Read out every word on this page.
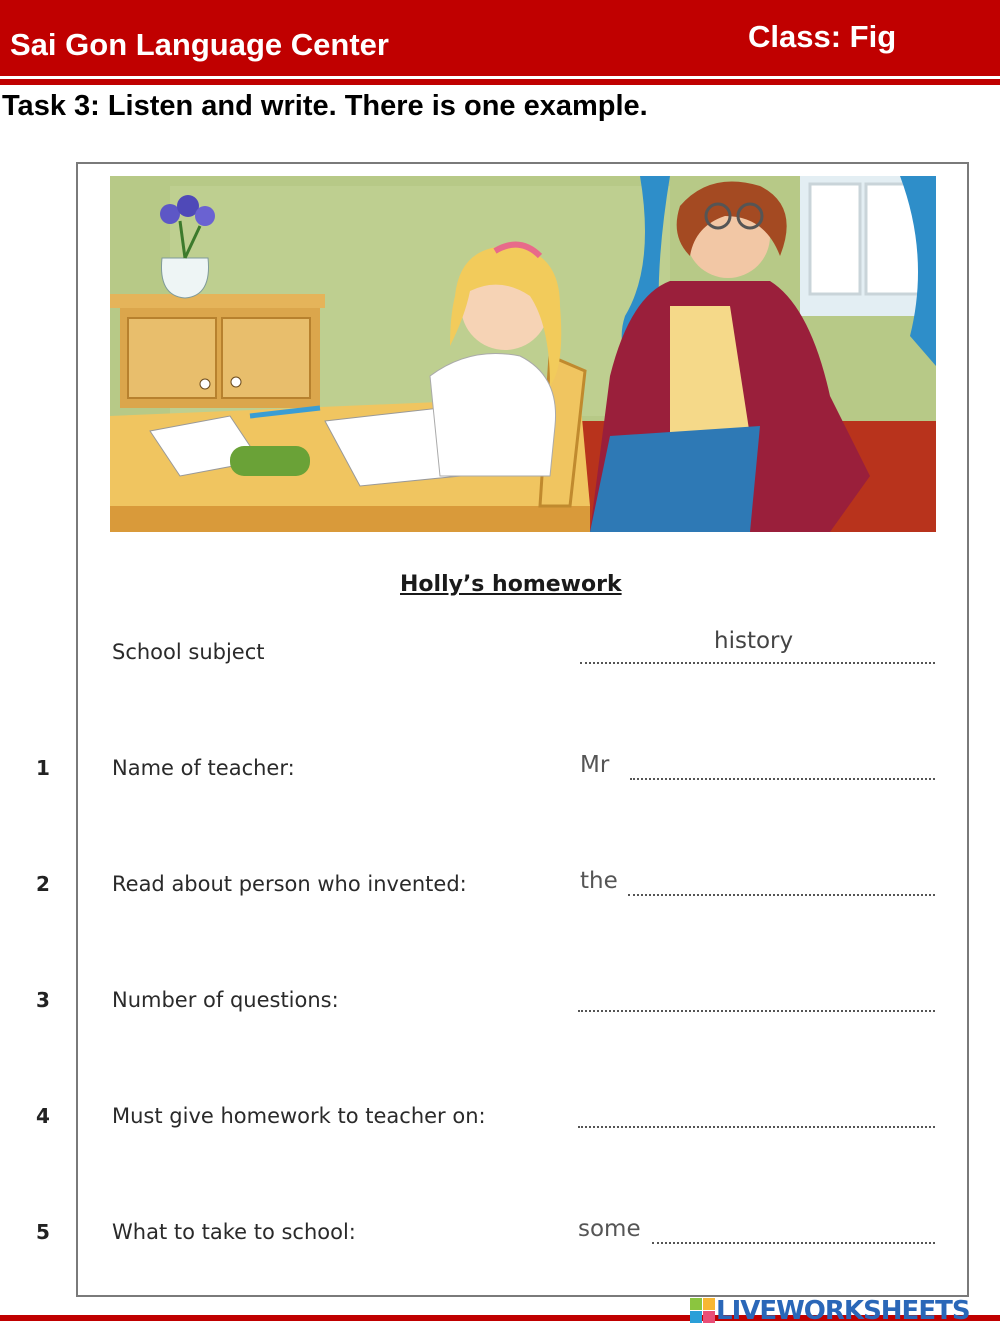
Sai Gon Language Center	Class: Fig
Task 3: Listen and write. There is one example.
Holly’s homework
School subject	history
1	Name of teacher:	Mr
2	Read about person who invented:	the
3	Number of questions:
4	Must give homework to teacher on:
5	What to take to school:	some
LIVEWORKSHEETS
